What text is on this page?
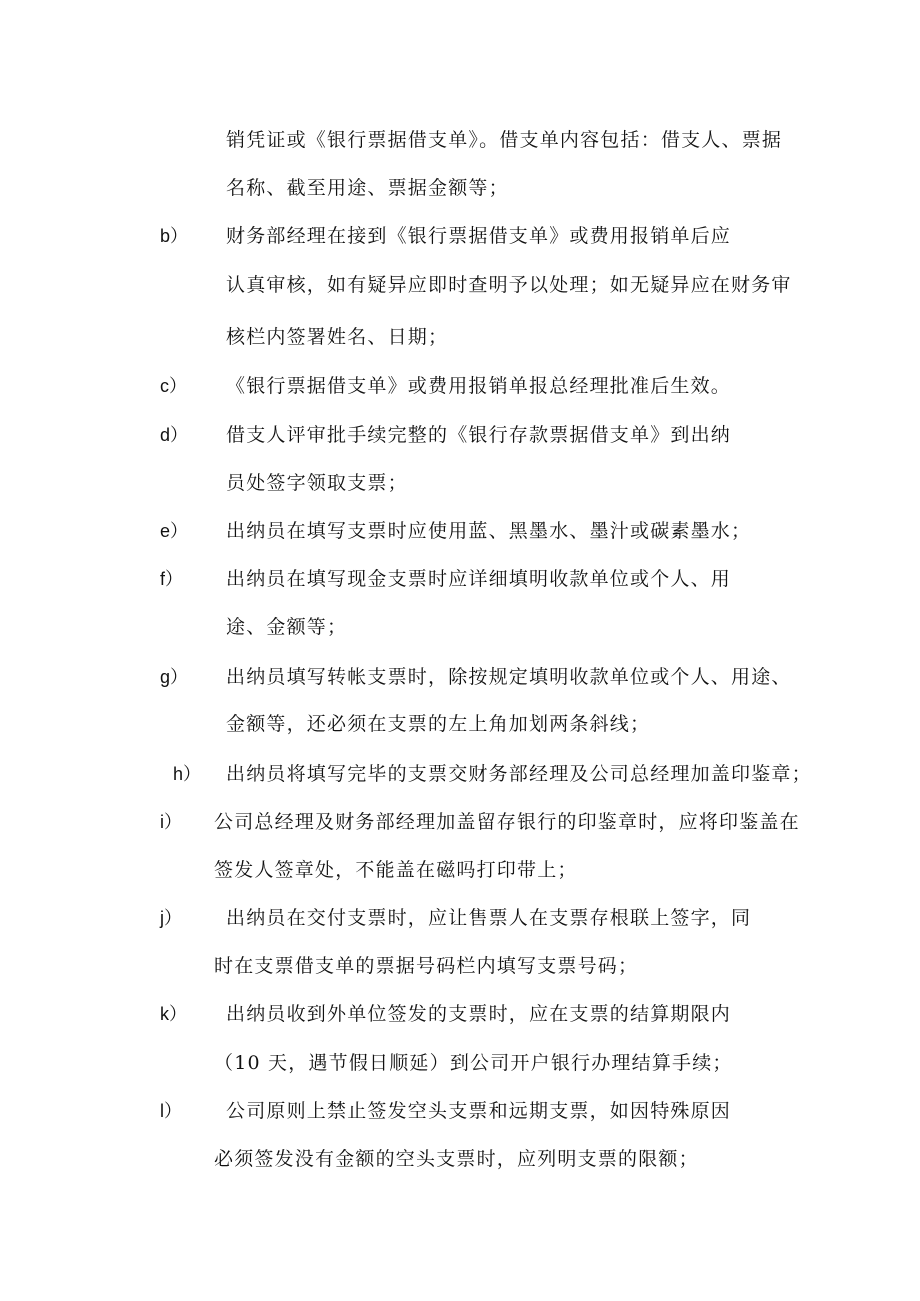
销凭证或《银行票据借支单》。借支单内容包括：借支人、票据
名称、截至用途、票据金额等；
b） 财务部经理在接到《银行票据借支单》或费用报销单后应
认真审核，如有疑异应即时查明予以处理；如无疑异应在财务审
核栏内签署姓名、日期；
c） 《银行票据借支单》或费用报销单报总经理批准后生效。
d） 借支人评审批手续完整的《银行存款票据借支单》到出纳
员处签字领取支票；
e） 出纳员在填写支票时应使用蓝、黑墨水、墨汁或碳素墨水；
f） 出纳员在填写现金支票时应详细填明收款单位或个人、用
途、金额等；
g） 出纳员填写转帐支票时，除按规定填明收款单位或个人、用途、
金额等，还必须在支票的左上角加划两条斜线；
h） 出纳员将填写完毕的支票交财务部经理及公司总经理加盖印鉴章；
i） 公司总经理及财务部经理加盖留存银行的印鉴章时，应将印鉴盖在
签发人签章处，不能盖在磁吗打印带上；
j） 出纳员在交付支票时，应让售票人在支票存根联上签字，同
时在支票借支单的票据号码栏内填写支票号码；
k） 出纳员收到外单位签发的支票时，应在支票的结算期限内
（10 天，遇节假日顺延）到公司开户银行办理结算手续；
l） 公司原则上禁止签发空头支票和远期支票，如因特殊原因
必须签发没有金额的空头支票时，应列明支票的限额；
